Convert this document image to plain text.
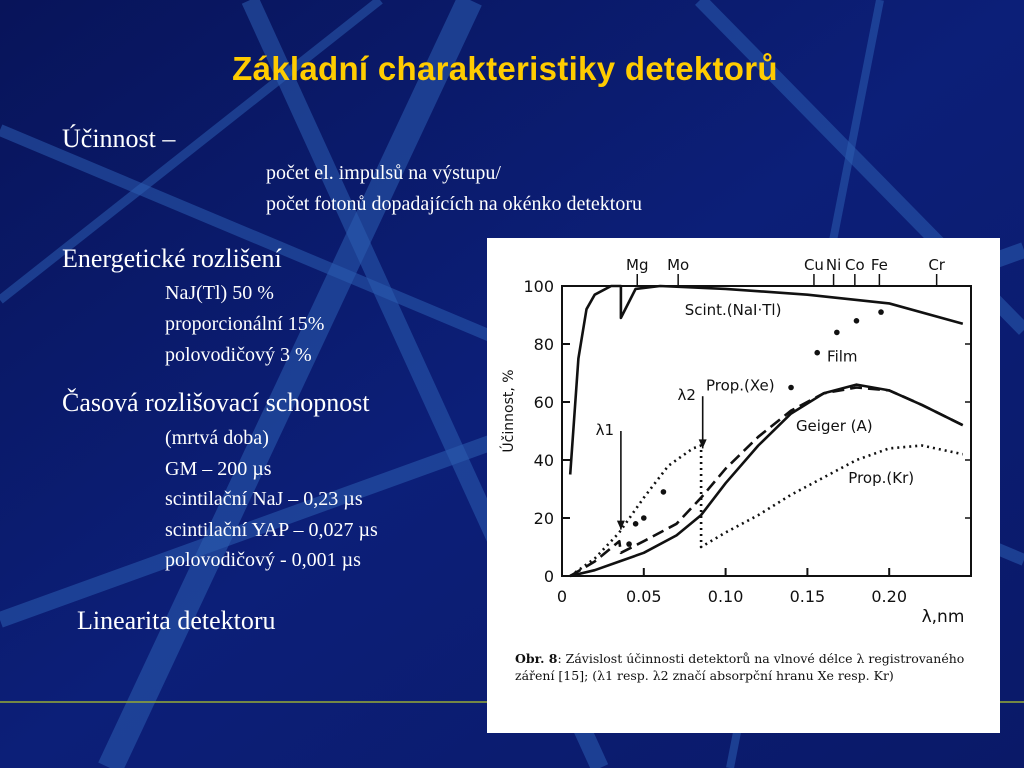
Základní charakteristiky detektorů
Účinnost –
počet el. impulsů na výstupu/
počet fotonů dopadajících na okénko detektoru
Energetické rozlišení
NaJ(Tl) 50 %
proporcionální 15%
polovodičový 3 %
Časová rozlišovací schopnost
(mrtvá doba)
GM – 200 µs
scintilační NaJ – 0,23 µs
scintilační YAP – 0,027 µs
polovodičový - 0,001 µs
Linearita detektoru
0
20
40
60
80
100
0	0.05	0.10	0.15	0.20
λ,nm
Účinnost, %
Mg Mo	Cu Ni Co Fe	Cr
Scint.(NaI·Tl)
Geiger (A)
Prop.(Xe)
Prop.(Kr)
Film
λ1
λ2
Obr. 8: Závislost účinnosti detektorů na vlnové délce λ registrovaného záření [15]; (λ1 resp. λ2 značí absorpční hranu Xe resp. Kr)
